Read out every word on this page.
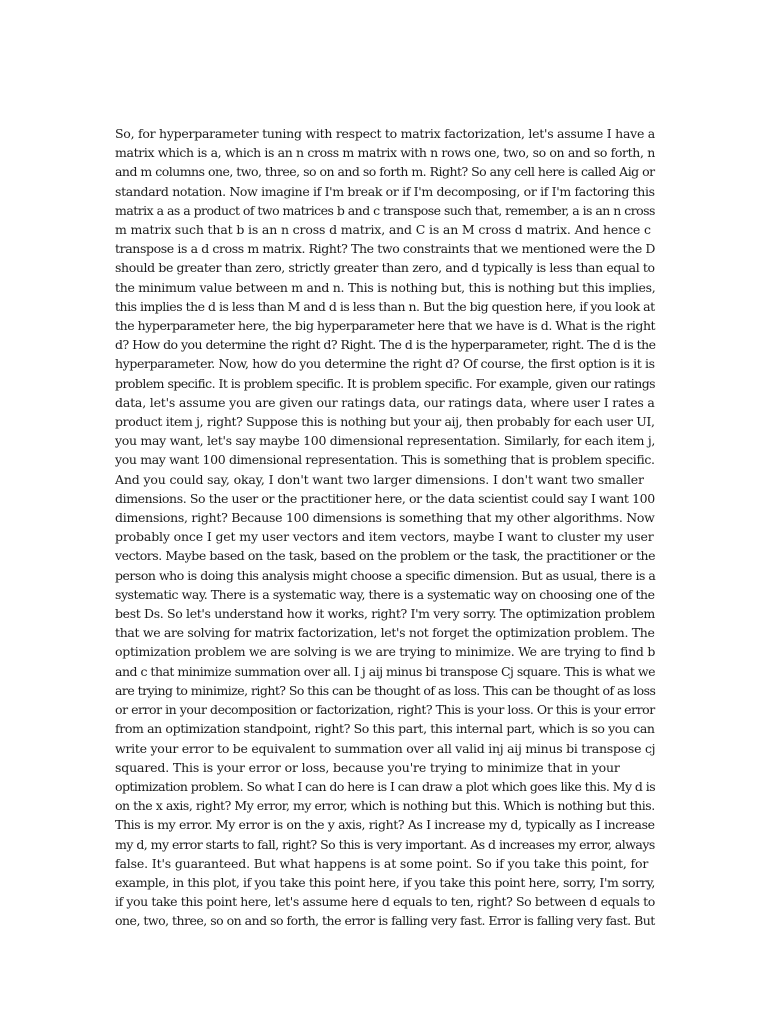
So, for hyperparameter tuning with respect to matrix factorization, let's assume I have a
matrix which is a, which is an n cross m matrix with n rows one, two, so on and so forth, n
and m columns one, two, three, so on and so forth m. Right? So any cell here is called Aig or
standard notation. Now imagine if I'm break or if I'm decomposing, or if I'm factoring this
matrix a as a product of two matrices b and c transpose such that, remember, a is an n cross
m matrix such that b is an n cross d matrix, and C is an M cross d matrix. And hence c
transpose is a d cross m matrix. Right? The two constraints that we mentioned were the D
should be greater than zero, strictly greater than zero, and d typically is less than equal to
the minimum value between m and n. This is nothing but, this is nothing but this implies,
this implies the d is less than M and d is less than n. But the big question here, if you look at
the hyperparameter here, the big hyperparameter here that we have is d. What is the right
d? How do you determine the right d? Right. The d is the hyperparameter, right. The d is the
hyperparameter. Now, how do you determine the right d? Of course, the first option is it is
problem specific. It is problem specific. It is problem specific. For example, given our ratings
data, let's assume you are given our ratings data, our ratings data, where user I rates a
product item j, right? Suppose this is nothing but your aij, then probably for each user UI,
you may want, let's say maybe 100 dimensional representation. Similarly, for each item j,
you may want 100 dimensional representation. This is something that is problem specific.
And you could say, okay, I don't want two larger dimensions. I don't want two smaller
dimensions. So the user or the practitioner here, or the data scientist could say I want 100
dimensions, right? Because 100 dimensions is something that my other algorithms. Now
probably once I get my user vectors and item vectors, maybe I want to cluster my user
vectors. Maybe based on the task, based on the problem or the task, the practitioner or the
person who is doing this analysis might choose a specific dimension. But as usual, there is a
systematic way. There is a systematic way, there is a systematic way on choosing one of the
best Ds. So let's understand how it works, right? I'm very sorry. The optimization problem
that we are solving for matrix factorization, let's not forget the optimization problem. The
optimization problem we are solving is we are trying to minimize. We are trying to find b
and c that minimize summation over all. I j aij minus bi transpose Cj square. This is what we
are trying to minimize, right? So this can be thought of as loss. This can be thought of as loss
or error in your decomposition or factorization, right? This is your loss. Or this is your error
from an optimization standpoint, right? So this part, this internal part, which is so you can
write your error to be equivalent to summation over all valid inj aij minus bi transpose cj
squared. This is your error or loss, because you're trying to minimize that in your
optimization problem. So what I can do here is I can draw a plot which goes like this. My d is
on the x axis, right? My error, my error, which is nothing but this. Which is nothing but this.
This is my error. My error is on the y axis, right? As I increase my d, typically as I increase
my d, my error starts to fall, right? So this is very important. As d increases my error, always
false. It's guaranteed. But what happens is at some point. So if you take this point, for
example, in this plot, if you take this point here, if you take this point here, sorry, I'm sorry,
if you take this point here, let's assume here d equals to ten, right? So between d equals to
one, two, three, so on and so forth, the error is falling very fast. Error is falling very fast. But
